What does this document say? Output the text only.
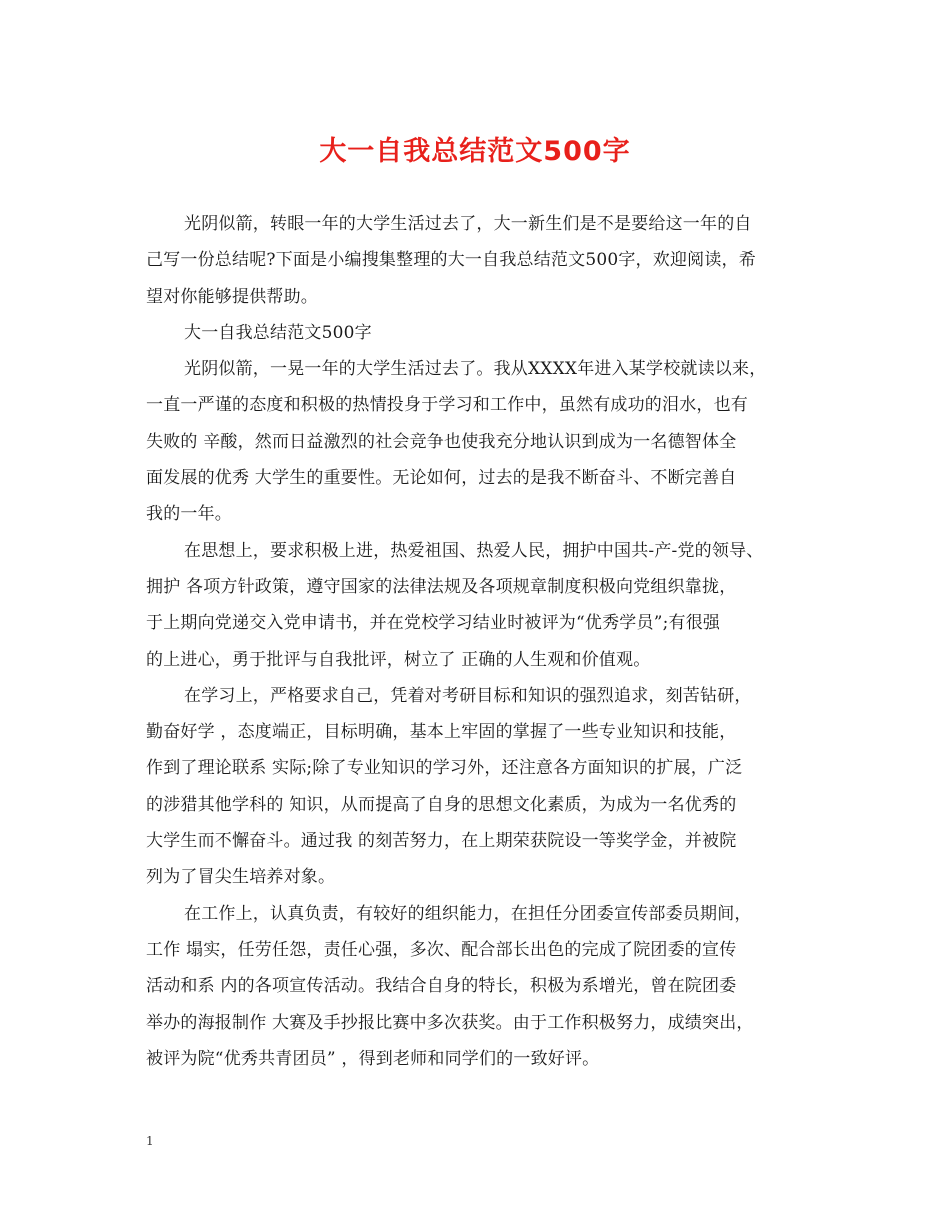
大一自我总结范文500字
光阴似箭，转眼一年的大学生活过去了，大一新生们是不是要给这一年的自
己写一份总结呢?下面是小编搜集整理的大一自我总结范文500字，欢迎阅读，希
望对你能够提供帮助。
大一自我总结范文500字
光阴似箭，一晃一年的大学生活过去了。我从XXXX年进入某学校就读以来，
一直一严谨的态度和积极的热情投身于学习和工作中，虽然有成功的泪水，也有
失败的 辛酸，然而日益激烈的社会竞争也使我充分地认识到成为一名德智体全
面发展的优秀 大学生的重要性。无论如何，过去的是我不断奋斗、不断完善自
我的一年。
在思想上，要求积极上进，热爱祖国、热爱人民，拥护中国共-产-党的领导、
拥护 各项方针政策，遵守国家的法律法规及各项规章制度积极向党组织靠拢，
于上期向党递交入党申请书，并在党校学习结业时被评为“优秀学员”;有很强
的上进心，勇于批评与自我批评，树立了 正确的人生观和价值观。
在学习上，严格要求自己，凭着对考研目标和知识的强烈追求，刻苦钻研，
勤奋好学 ，态度端正，目标明确，基本上牢固的掌握了一些专业知识和技能，
作到了理论联系 实际;除了专业知识的学习外，还注意各方面知识的扩展，广泛
的涉猎其他学科的 知识，从而提高了自身的思想文化素质，为成为一名优秀的
大学生而不懈奋斗。通过我 的刻苦努力，在上期荣获院设一等奖学金，并被院
列为了冒尖生培养对象。
在工作上，认真负责，有较好的组织能力，在担任分团委宣传部委员期间，
工作 塌实，任劳任怨，责任心强，多次、配合部长出色的完成了院团委的宣传
活动和系 内的各项宣传活动。我结合自身的特长，积极为系增光，曾在院团委
举办的海报制作 大赛及手抄报比赛中多次获奖。由于工作积极努力，成绩突出，
被评为院“优秀共青团员” ，得到老师和同学们的一致好评。
1
